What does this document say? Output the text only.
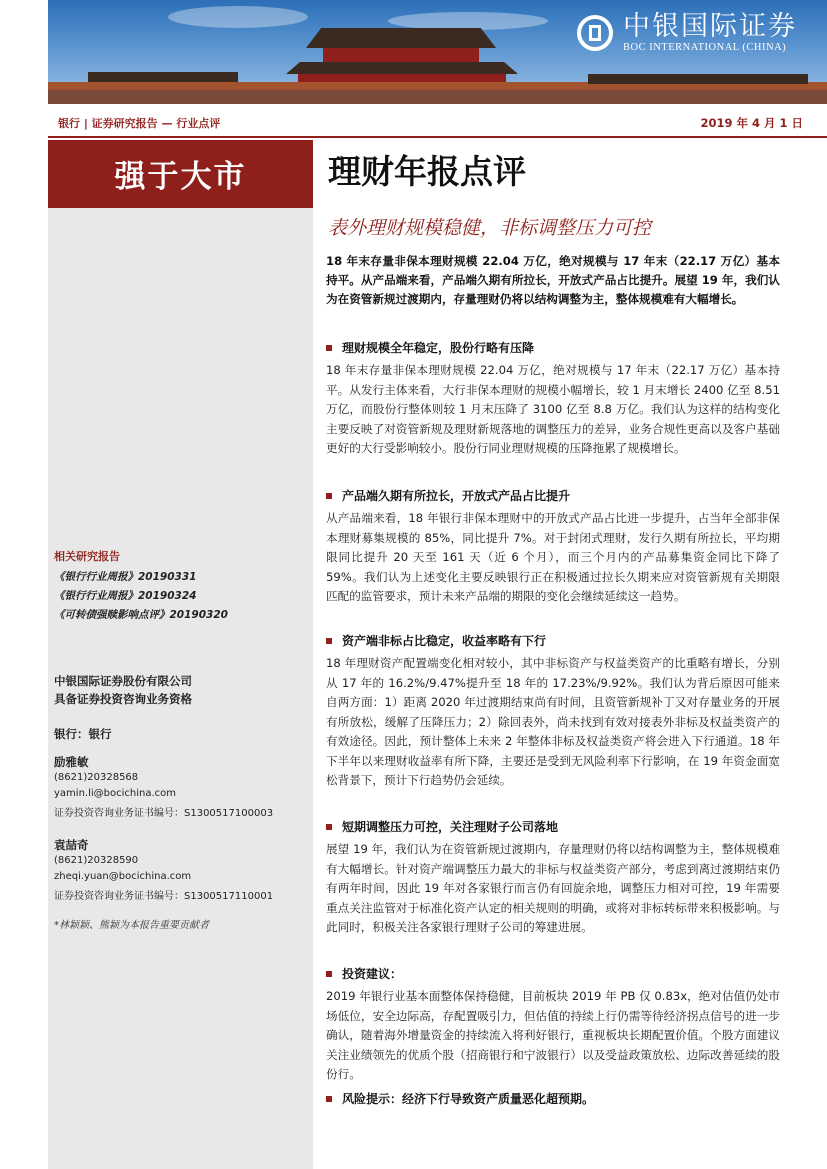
中银国际证券
BOC INTERNATIONAL (CHINA)
银行 | 证券研究报告 — 行业点评	2019 年 4 月 1 日
强于大市
相关研究报告
《银行行业周报》20190331
《银行行业周报》20190324
《可转债强赎影响点评》20190320
中银国际证券股份有限公司
具备证券投资咨询业务资格
银行：银行
励雅敏
(8621)20328568
yamin.li@bocichina.com
证券投资咨询业务证书编号：S1300517100003
袁喆奇
(8621)20328590
zheqi.yuan@bocichina.com
证券投资咨询业务证书编号：S1300517110001
*林颖颖、熊颖为本报告重要贡献者
理财年报点评
表外理财规模稳健，非标调整压力可控
18 年末存量非保本理财规模 22.04 万亿，绝对规模与 17 年末（22.17 万亿）基本持平。从产品端来看，产品端久期有所拉长，开放式产品占比提升。展望 19 年，我们认为在资管新规过渡期内，存量理财仍将以结构调整为主，整体规模难有大幅增长。
理财规模全年稳定，股份行略有压降
18 年末存量非保本理财规模 22.04 万亿，绝对规模与 17 年末（22.17 万亿）基本持平。从发行主体来看，大行非保本理财的规模小幅增长，较 1 月末增长 2400 亿至 8.51 万亿，而股份行整体则较 1 月末压降了 3100 亿至 8.8 万亿。我们认为这样的结构变化主要反映了对资管新规及理财新规落地的调整压力的差异，业务合规性更高以及客户基础更好的大行受影响较小。股份行同业理财规模的压降拖累了规模增长。
产品端久期有所拉长，开放式产品占比提升
从产品端来看，18 年银行非保本理财中的开放式产品占比进一步提升，占当年全部非保本理财募集规模的 85%，同比提升 7%。对于封闭式理财，发行久期有所拉长，平均期限同比提升 20 天至 161 天（近 6 个月），而三个月内的产品募集资金同比下降了 59%。我们认为上述变化主要反映银行正在积极通过拉长久期来应对资管新规有关期限匹配的监管要求，预计未来产品端的期限的变化会继续延续这一趋势。
资产端非标占比稳定，收益率略有下行
18 年理财资产配置端变化相对较小，其中非标资产与权益类资产的比重略有增长，分别从 17 年的 16.2%/9.47%提升至 18 年的 17.23%/9.92%。我们认为背后原因可能来自两方面：1）距离 2020 年过渡期结束尚有时间，且资管新规补丁又对存量业务的开展有所放松，缓解了压降压力；2）除回表外，尚未找到有效对接表外非标及权益类资产的有效途径。因此，预计整体上未来 2 年整体非标及权益类资产将会进入下行通道。18 年下半年以来理财收益率有所下降，主要还是受到无风险利率下行影响，在 19 年资金面宽松背景下，预计下行趋势仍会延续。
短期调整压力可控，关注理财子公司落地
展望 19 年，我们认为在资管新规过渡期内，存量理财仍将以结构调整为主，整体规模难有大幅增长。针对资产端调整压力最大的非标与权益类资产部分，考虑到离过渡期结束仍有两年时间，因此 19 年对各家银行而言仍有回旋余地，调整压力相对可控，19 年需要重点关注监管对于标准化资产认定的相关规则的明确，或将对非标转标带来积极影响。与此同时，积极关注各家银行理财子公司的筹建进展。
投资建议：
2019 年银行业基本面整体保持稳健，目前板块 2019 年 PB 仅 0.83x，绝对估值仍处市场低位，安全边际高，存配置吸引力，但估值的持续上行仍需等待经济拐点信号的进一步确认，随着海外增量资金的持续流入将利好银行，重视板块长期配置价值。个股方面建议关注业绩领先的优质个股（招商银行和宁波银行）以及受益政策放松、边际改善延续的股份行。
风险提示：经济下行导致资产质量恶化超预期。
